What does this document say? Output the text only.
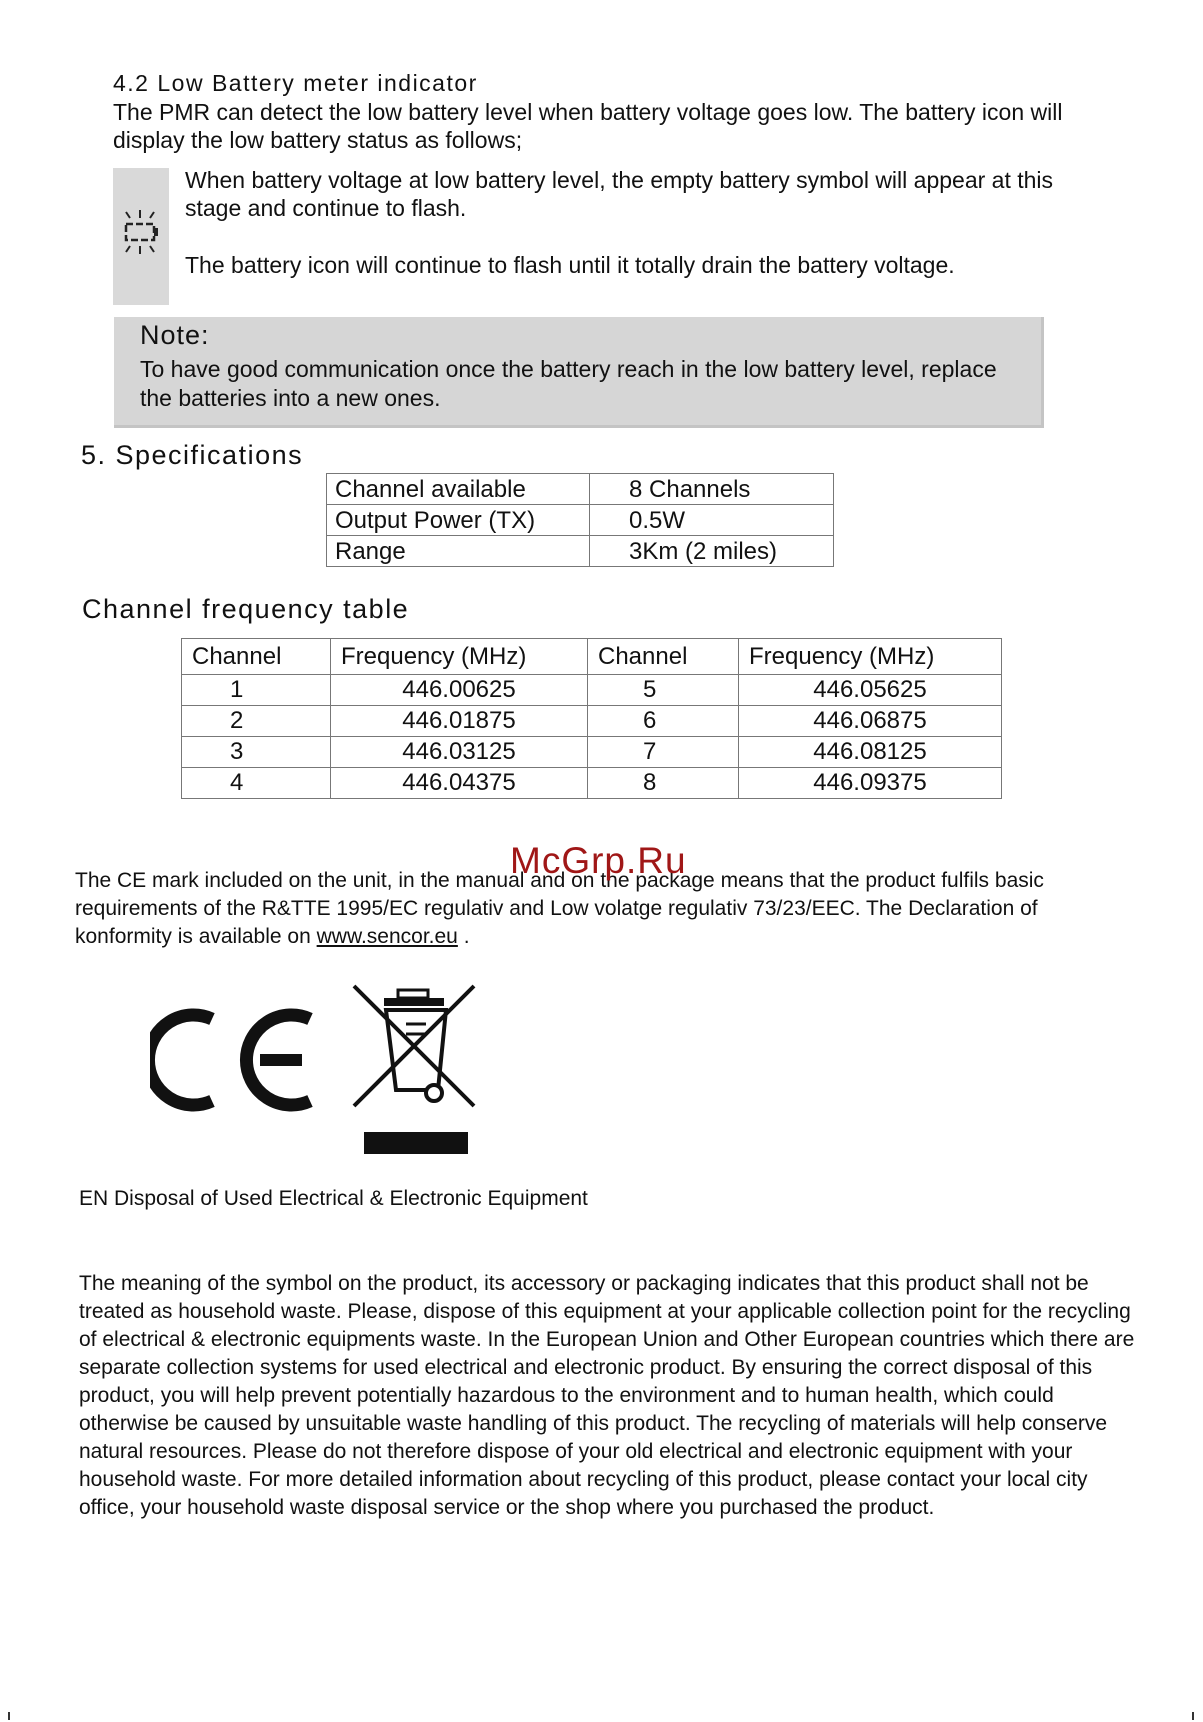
4.2 Low Battery meter indicator
The PMR can detect the low battery level when battery voltage goes low. The battery icon will display the low battery status as follows;
When battery voltage at low battery level, the empty battery symbol will appear at this stage and continue to flash.
The battery icon will continue to flash until it totally drain the battery voltage.
Note:
To have good communication once the battery reach in the low battery level, replace the batteries into a new ones.
5. Specifications
Channel available	8 Channels
Output Power (TX)	0.5W
Range	3Km (2 miles)
Channel frequency table
Channel	Frequency (MHz)	Channel	Frequency (MHz)
1	446.00625	5	446.05625
2	446.01875	6	446.06875
3	446.03125	7	446.08125
4	446.04375	8	446.09375
The CE mark included on the unit, in the manual and on the package means that the product fulfils basic requirements of the R&TTE 1995/EC regulativ and Low volatge regulativ 73/23/EEC. The Declaration of konformity is available on www.sencor.eu .
McGrp.Ru
EN Disposal of Used Electrical & Electronic Equipment
The meaning of the symbol on the product, its accessory or packaging indicates that this product shall not be treated as household waste. Please, dispose of this equipment at your applicable collection point for the recycling of electrical & electronic equipments waste. In the European Union and Other European countries which there are separate collection systems for used electrical and electronic product. By ensuring the correct disposal of this product, you will help prevent potentially hazardous to the environment and to human health, which could otherwise be caused by unsuitable waste handling of this product. The recycling of materials will help conserve natural resources. Please do not therefore dispose of your old electrical and electronic equipment with your household waste. For more detailed information about recycling of this product, please contact your local city office, your household waste disposal service or the shop where you purchased the product.
